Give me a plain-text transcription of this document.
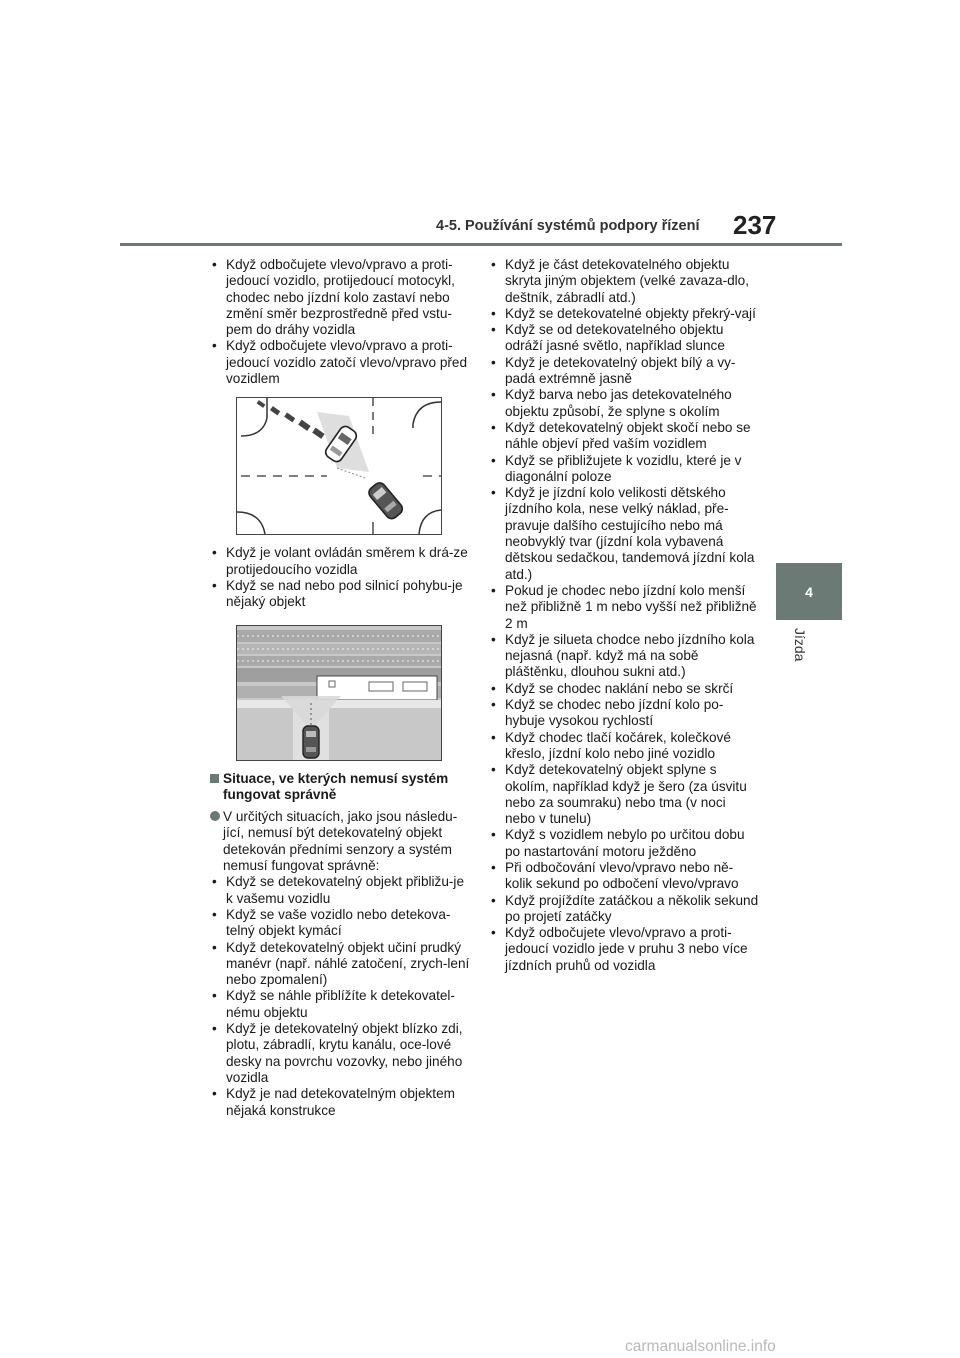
4-5. Používání systémů podpory řízení 237
4
Jízda
• Když odbočujete vlevo/vpravo a proti-jedoucí vozidlo, protijedoucí motocykl, chodec nebo jízdní kolo zastaví nebo změní směr bezprostředně před vstu-pem do dráhy vozidla
• Když odbočujete vlevo/vpravo a proti-jedoucí vozidlo zatočí vlevo/vpravo před vozidlem
• Když je volant ovládán směrem k drá-ze protijedoucího vozidla
• Když se nad nebo pod silnicí pohybu-je nějaký objekt
Situace, ve kterých nemusí systém fungovat správně
V určitých situacích, jako jsou následu-jící, nemusí být detekovatelný objekt detekován předními senzory a systém nemusí fungovat správně:
• Když se detekovatelný objekt přibližu-je k vašemu vozidlu
• Když se vaše vozidlo nebo detekova-telný objekt kymácí
• Když detekovatelný objekt učiní prudký manévr (např. náhlé zatočení, zrych-lení nebo zpomalení)
• Když se náhle přiblížíte k detekovatel-nému objektu
• Když je detekovatelný objekt blízko zdi, plotu, zábradlí, krytu kanálu, oce-lové desky na povrchu vozovky, nebo jiného vozidla
• Když je nad detekovatelným objektem nějaká konstrukce
• Když je část detekovatelného objektu skryta jiným objektem (velké zavaza-dlo, deštník, zábradlí atd.)
• Když se detekovatelné objekty překrý-vají
• Když se od detekovatelného objektu odráží jasné světlo, například slunce
• Když je detekovatelný objekt bílý a vy-padá extrémně jasně
• Když barva nebo jas detekovatelného objektu způsobí, že splyne s okolím
• Když detekovatelný objekt skočí nebo se náhle objeví před vaším vozidlem
• Když se přibližujete k vozidlu, které je v diagonální poloze
• Když je jízdní kolo velikosti dětského jízdního kola, nese velký náklad, pře-pravuje dalšího cestujícího nebo má neobvyklý tvar (jízdní kola vybavená dětskou sedačkou, tandemová jízdní kola atd.)
• Pokud je chodec nebo jízdní kolo menší než přibližně 1 m nebo vyšší než přibližně 2 m
• Když je silueta chodce nebo jízdního kola nejasná (např. když má na sobě pláštěnku, dlouhou sukni atd.)
• Když se chodec naklání nebo se skrčí
• Když se chodec nebo jízdní kolo po-hybuje vysokou rychlostí
• Když chodec tlačí kočárek, kolečkové křeslo, jízdní kolo nebo jiné vozidlo
• Když detekovatelný objekt splyne s okolím, například když je šero (za úsvitu nebo za soumraku) nebo tma (v noci nebo v tunelu)
• Když s vozidlem nebylo po určitou dobu po nastartování motoru ježděno
• Při odbočování vlevo/vpravo nebo ně-kolik sekund po odbočení vlevo/vpravo
• Když projíždíte zatáčkou a několik sekund po projetí zatáčky
• Když odbočujete vlevo/vpravo a proti-jedoucí vozidlo jede v pruhu 3 nebo více jízdních pruhů od vozidla
carmanualsonline.info
